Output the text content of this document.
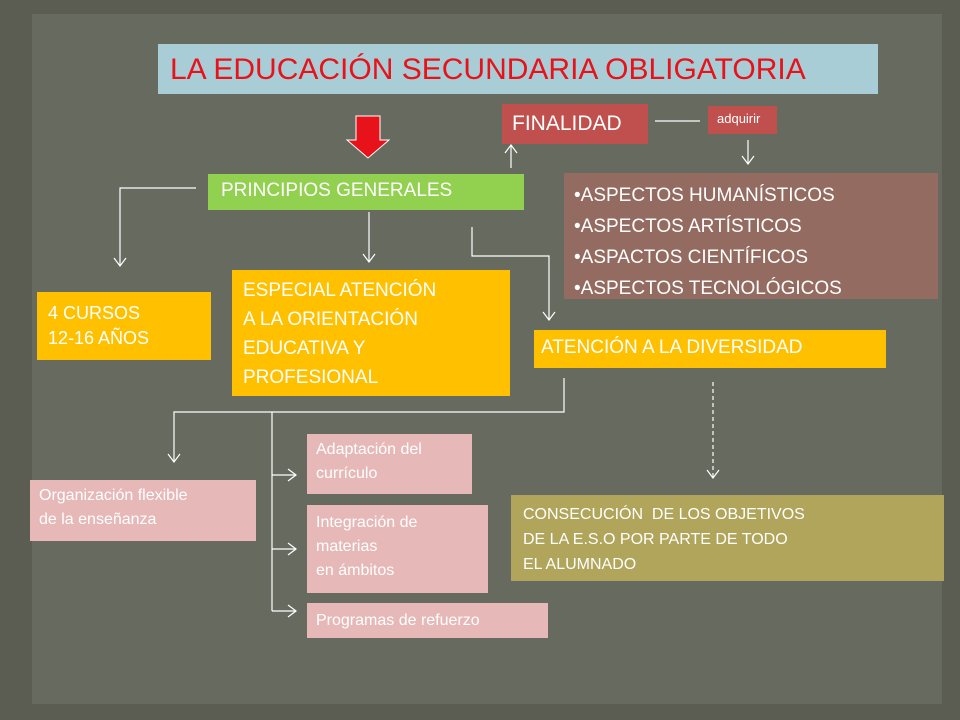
LA EDUCACIÓN SECUNDARIA OBLIGATORIA
FINALIDAD	adquirir
PRINCIPIOS GENERALES
•	ASPECTOS HUMANÍSTICOS
• ASPECTOS ARTÍSTICOS
• ASPACTOS CIENTÍFICOS
• ASPECTOS TECNOLÓGICOS
4 CURSOS
12-16 AÑOS
ESPECIAL ATENCIÓN
A LA ORIENTACIÓN
EDUCATIVA Y
PROFESIONAL
ATENCIÓN A LA DIVERSIDAD
Organización flexible
de la enseñanza
Adaptación del
currículo
Integración de
materias
en ámbitos
Programas de refuerzo
CONSECUCIÓN  DE LOS OBJETIVOS
DE LA E.S.O POR PARTE DE TODO
EL ALUMNADO
